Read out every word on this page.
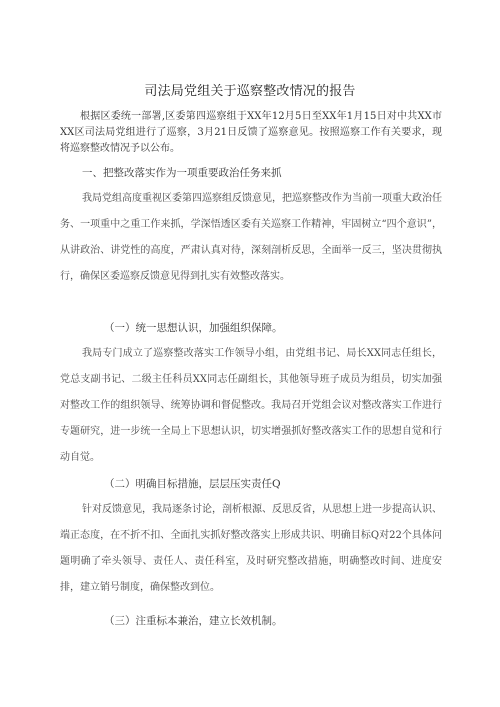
司法局党组关于巡察整改情况的报告
根据区委统一部署,区委第四巡察组于XX年12月5日至XX年1月15日对中共XX市XX区司法局党组进行了巡察，3月21日反馈了巡察意见。按照巡察工作有关要求，现将巡察整改情况予以公布。
一、把整改落实作为一项重要政治任务来抓
我局党组高度重视区委第四巡察组反馈意见，把巡察整改作为当前一项重大政治任务、一项重中之重工作来抓，学深悟透区委有关巡察工作精神，牢固树立“四个意识”，从讲政治、讲党性的高度，严肃认真对待，深刻剖析反思，全面举一反三，坚决贯彻执行，确保区委巡察反馈意见得到扎实有效整改落实。
（一）统一思想认识，加强组织保障。
我局专门成立了巡察整改落实工作领导小组，由党组书记、局长XX同志任组长，党总支副书记、二级主任科员XX同志任副组长，其他领导班子成员为组员，切实加强对整改工作的组织领导、统筹协调和督促整改。我局召开党组会议对整改落实工作进行专题研究，进一步统一全局上下思想认识，切实增强抓好整改落实工作的思想自觉和行动自觉。
（二）明确目标措施，层层压实责任Q
针对反馈意见，我局逐条讨论，剖析根源、反思反省，从思想上进一步提高认识、端正态度，在不折不扣、全面扎实抓好整改落实上形成共识、明确目标Q对22个具体问题明确了牵头领导、责任人、责任科室，及时研究整改措施，明确整改时间、进度安排，建立销号制度，确保整改到位。
（三）注重标本兼治，建立长效机制。
